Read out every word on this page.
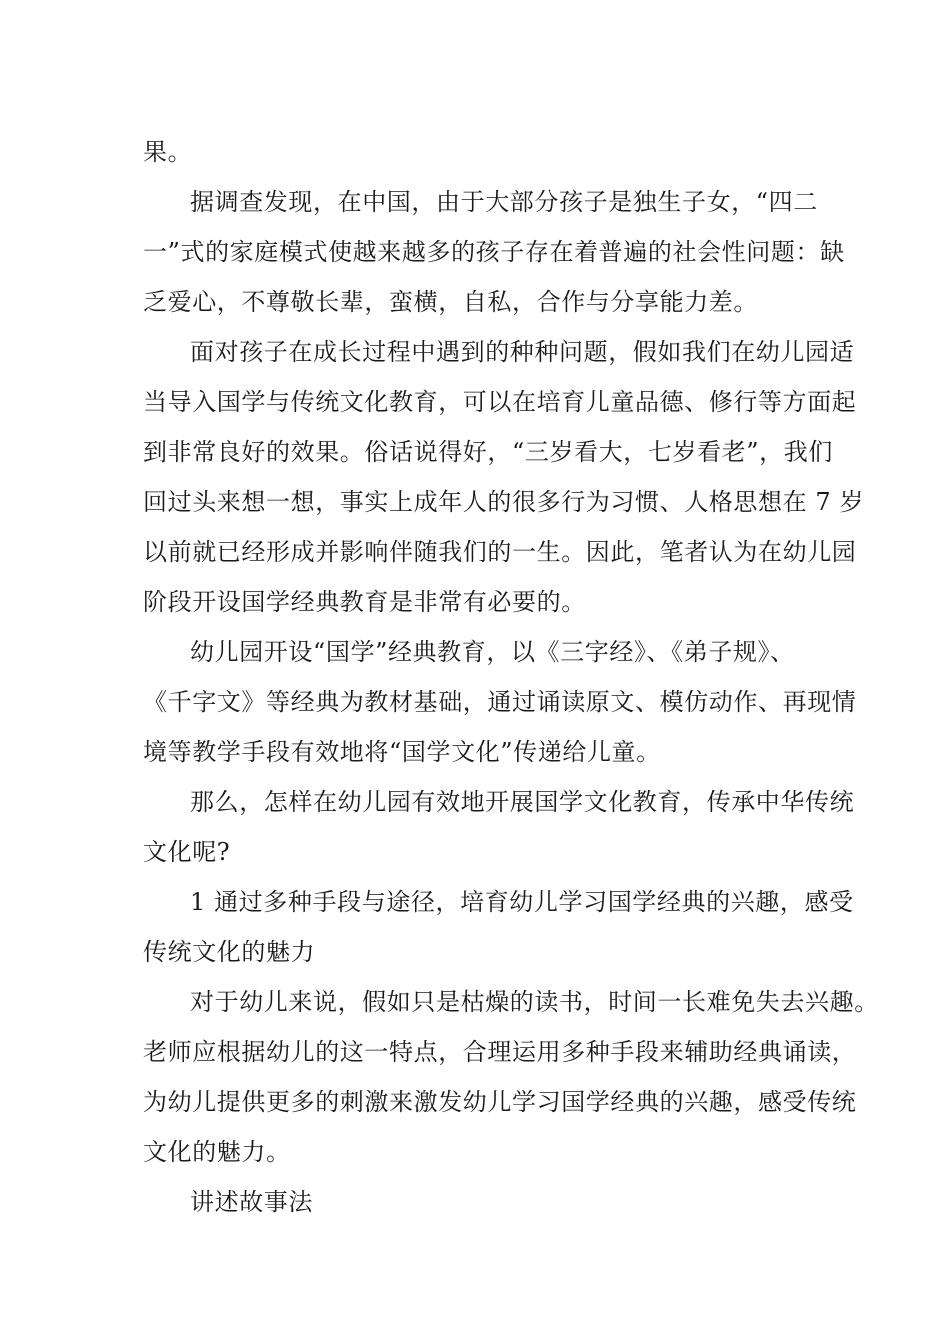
果。
据调查发现，在中国，由于大部分孩子是独生子女，“四二
一”式的家庭模式使越来越多的孩子存在着普遍的社会性问题：缺
乏爱心，不尊敬长辈，蛮横，自私，合作与分享能力差。
面对孩子在成长过程中遇到的种种问题，假如我们在幼儿园适
当导入国学与传统文化教育，可以在培育儿童品德、修行等方面起
到非常良好的效果。俗话说得好，“三岁看大，七岁看老”，我们
回过头来想一想，事实上成年人的很多行为习惯、人格思想在 7 岁
以前就已经形成并影响伴随我们的一生。因此，笔者认为在幼儿园
阶段开设国学经典教育是非常有必要的。
幼儿园开设“国学”经典教育，以《三字经》、《弟子规》、
《千字文》等经典为教材基础，通过诵读原文、模仿动作、再现情
境等教学手段有效地将“国学文化”传递给儿童。
那么，怎样在幼儿园有效地开展国学文化教育，传承中华传统
文化呢?
1 通过多种手段与途径，培育幼儿学习国学经典的兴趣，感受
传统文化的魅力
对于幼儿来说，假如只是枯燥的读书，时间一长难免失去兴趣。
老师应根据幼儿的这一特点，合理运用多种手段来辅助经典诵读，
为幼儿提供更多的刺激来激发幼儿学习国学经典的兴趣，感受传统
文化的魅力。
讲述故事法
